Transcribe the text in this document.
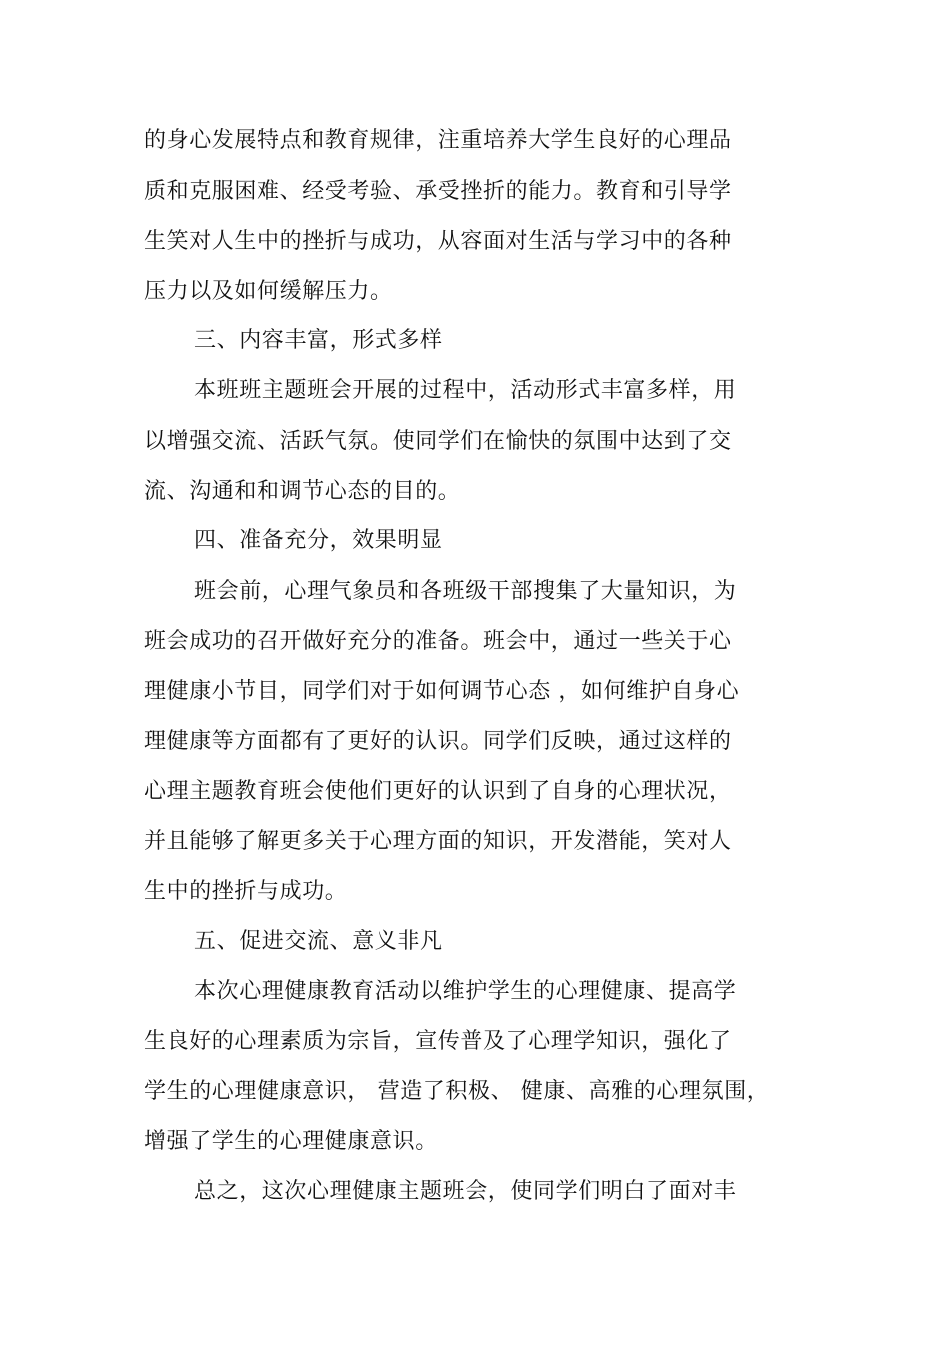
的身心发展特点和教育规律，注重培养大学生良好的心理品
质和克服困难、经受考验、承受挫折的能力。教育和引导学
生笑对人生中的挫折与成功，从容面对生活与学习中的各种
压力以及如何缓解压力。
三、内容丰富，形式多样
本班班主题班会开展的过程中，活动形式丰富多样，用
以增强交流、活跃气氛。使同学们在愉快的氛围中达到了交
流、沟通和和调节心态的目的。
四、准备充分，效果明显
班会前，心理气象员和各班级干部搜集了大量知识，为
班会成功的召开做好充分的准备。班会中，通过一些关于心
理健康小节目，同学们对于如何调节心态 ，如何维护自身心
理健康等方面都有了更好的认识。同学们反映，通过这样的
心理主题教育班会使他们更好的认识到了自身的心理状况，
并且能够了解更多关于心理方面的知识，开发潜能，笑对人
生中的挫折与成功。
五、促进交流、意义非凡
本次心理健康教育活动以维护学生的心理健康、提高学
生良好的心理素质为宗旨，宣传普及了心理学知识，强化了
学生的心理健康意识， 营造了积极、 健康、高雅的心理氛围，
增强了学生的心理健康意识。
总之，这次心理健康主题班会，使同学们明白了面对丰
